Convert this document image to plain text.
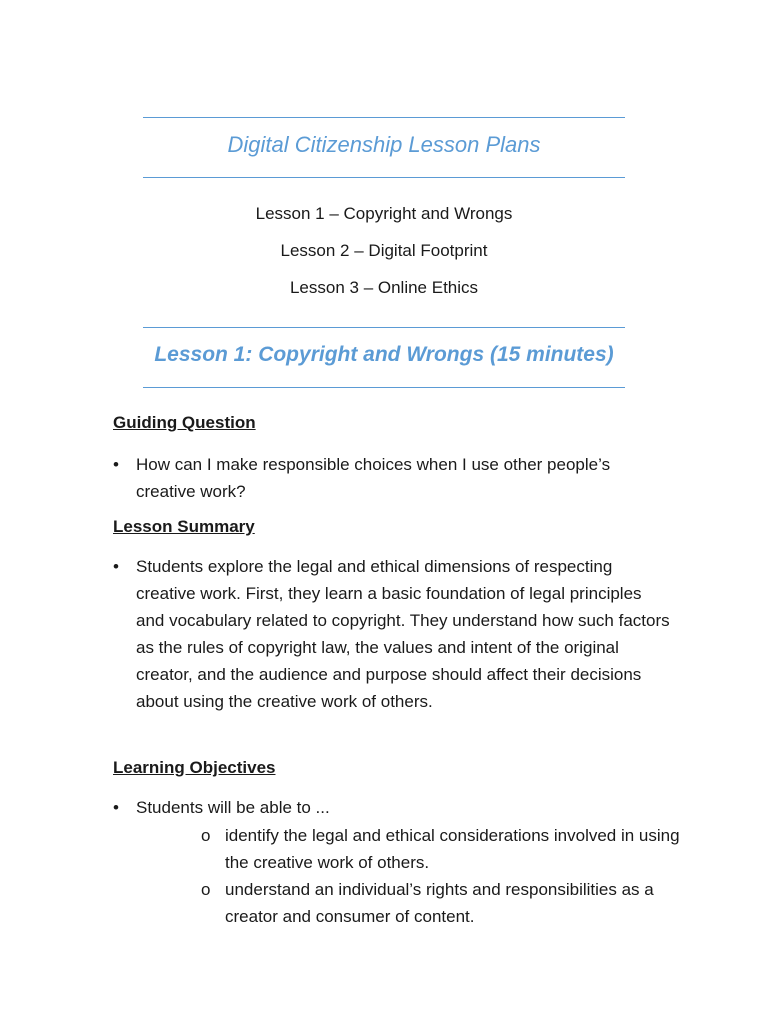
Digital Citizenship Lesson Plans
Lesson 1 – Copyright and Wrongs
Lesson 2 – Digital Footprint
Lesson 3 – Online Ethics
Lesson 1: Copyright and Wrongs (15 minutes)
Guiding Question
•	How can I make responsible choices when I use other people’s creative work?
Lesson Summary
•	Students explore the legal and ethical dimensions of respecting creative work. First, they learn a basic foundation of legal principles and vocabulary related to copyright. They understand how such factors as the rules of copyright law, the values and intent of the original creator, and the audience and purpose should affect their decisions about using the creative work of others.
Learning Objectives
•	Students will be able to ...
o identify the legal and ethical considerations involved in using the creative work of others.
o understand an individual’s rights and responsibilities as a creator and consumer of content.
